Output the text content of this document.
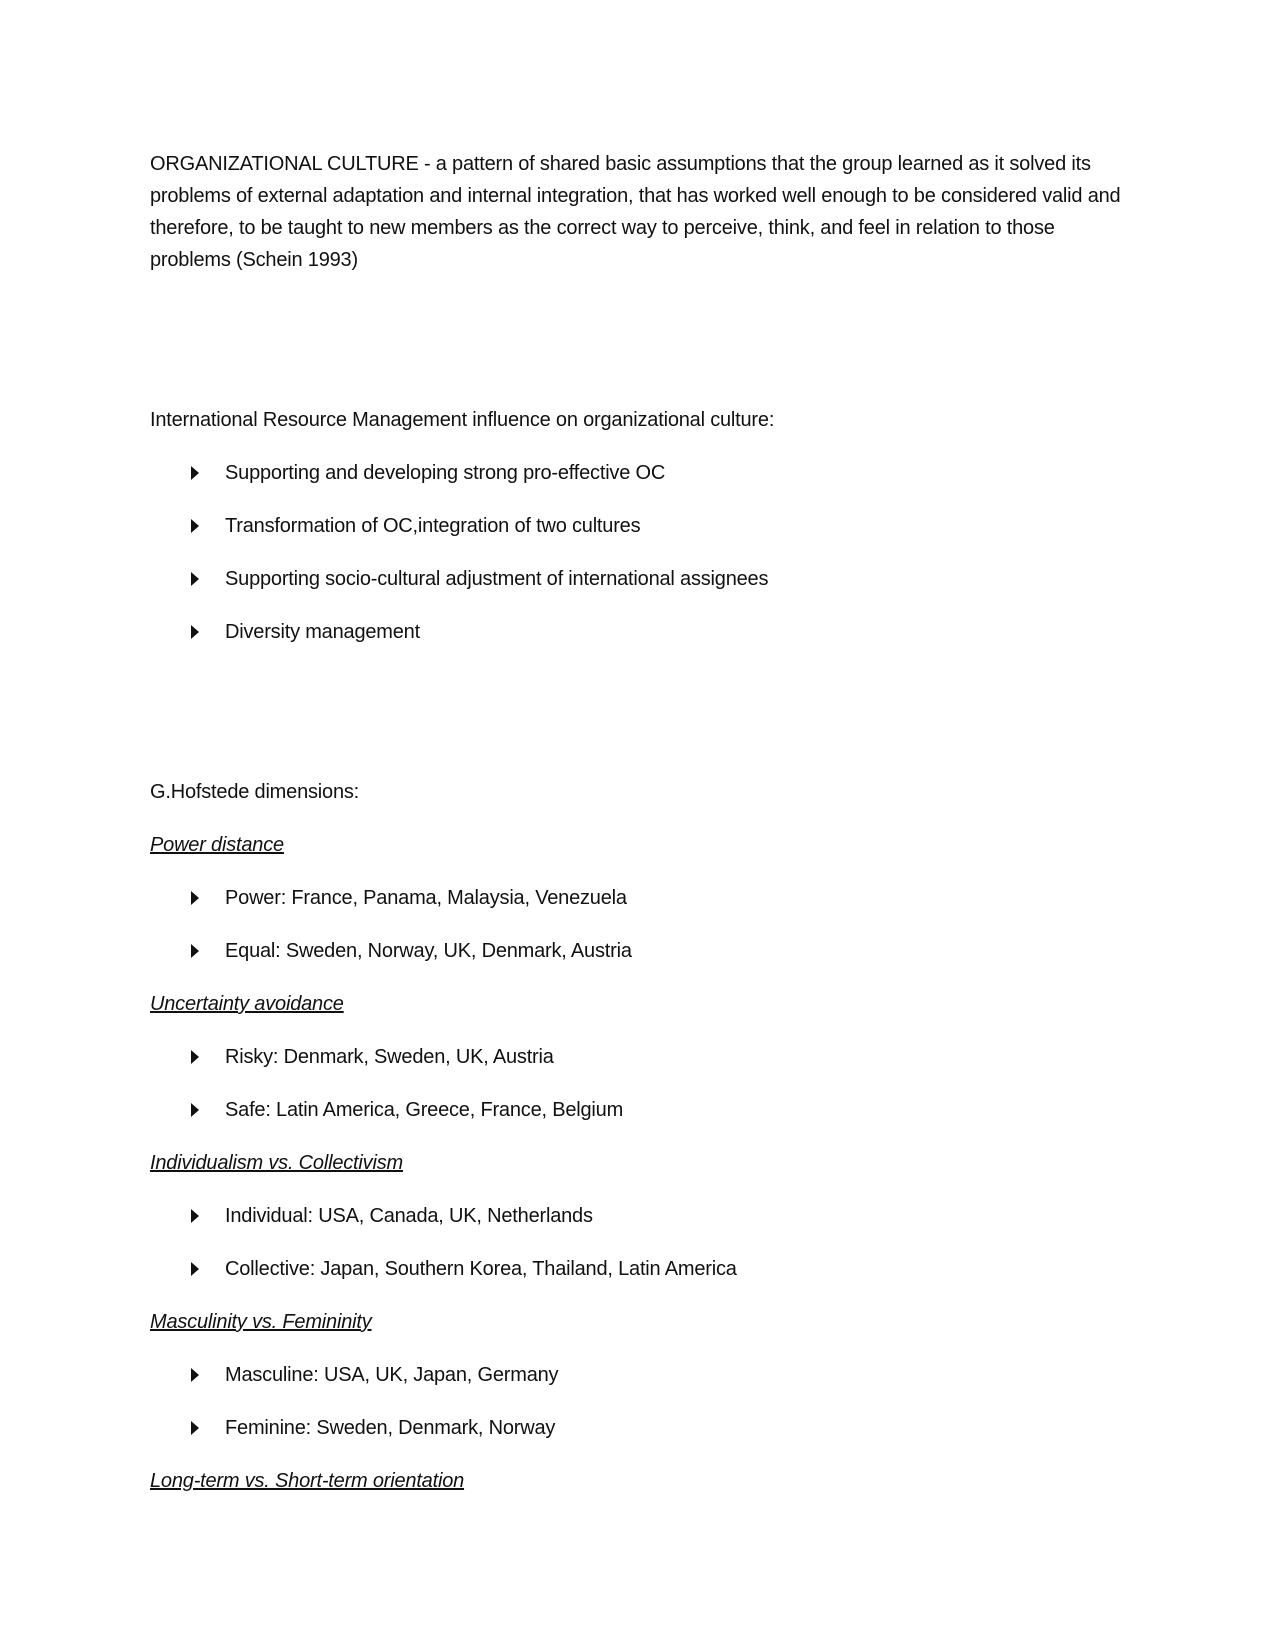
ORGANIZATIONAL CULTURE - a pattern of shared basic assumptions that the group learned as it solved its problems of external adaptation and internal integration, that has worked well enough to be considered valid and therefore, to be taught to new members as the correct way to perceive, think, and feel in relation to those problems (Schein 1993)

International Resource Management influence on organizational culture:

Supporting and developing strong pro-effective OC
Transformation of OC,integration of two cultures
Supporting socio-cultural adjustment of international assignees
Diversity management

G.Hofstede dimensions:

Power distance

Power: France, Panama, Malaysia, Venezuela
Equal: Sweden, Norway, UK, Denmark, Austria

Uncertainty avoidance

Risky: Denmark, Sweden, UK, Austria
Safe: Latin America, Greece, France, Belgium

Individualism vs. Collectivism

Individual: USA, Canada, UK, Netherlands
Collective: Japan, Southern Korea, Thailand, Latin America

Masculinity vs. Femininity

Masculine: USA, UK, Japan, Germany
Feminine: Sweden, Denmark, Norway

Long-term vs. Short-term orientation
